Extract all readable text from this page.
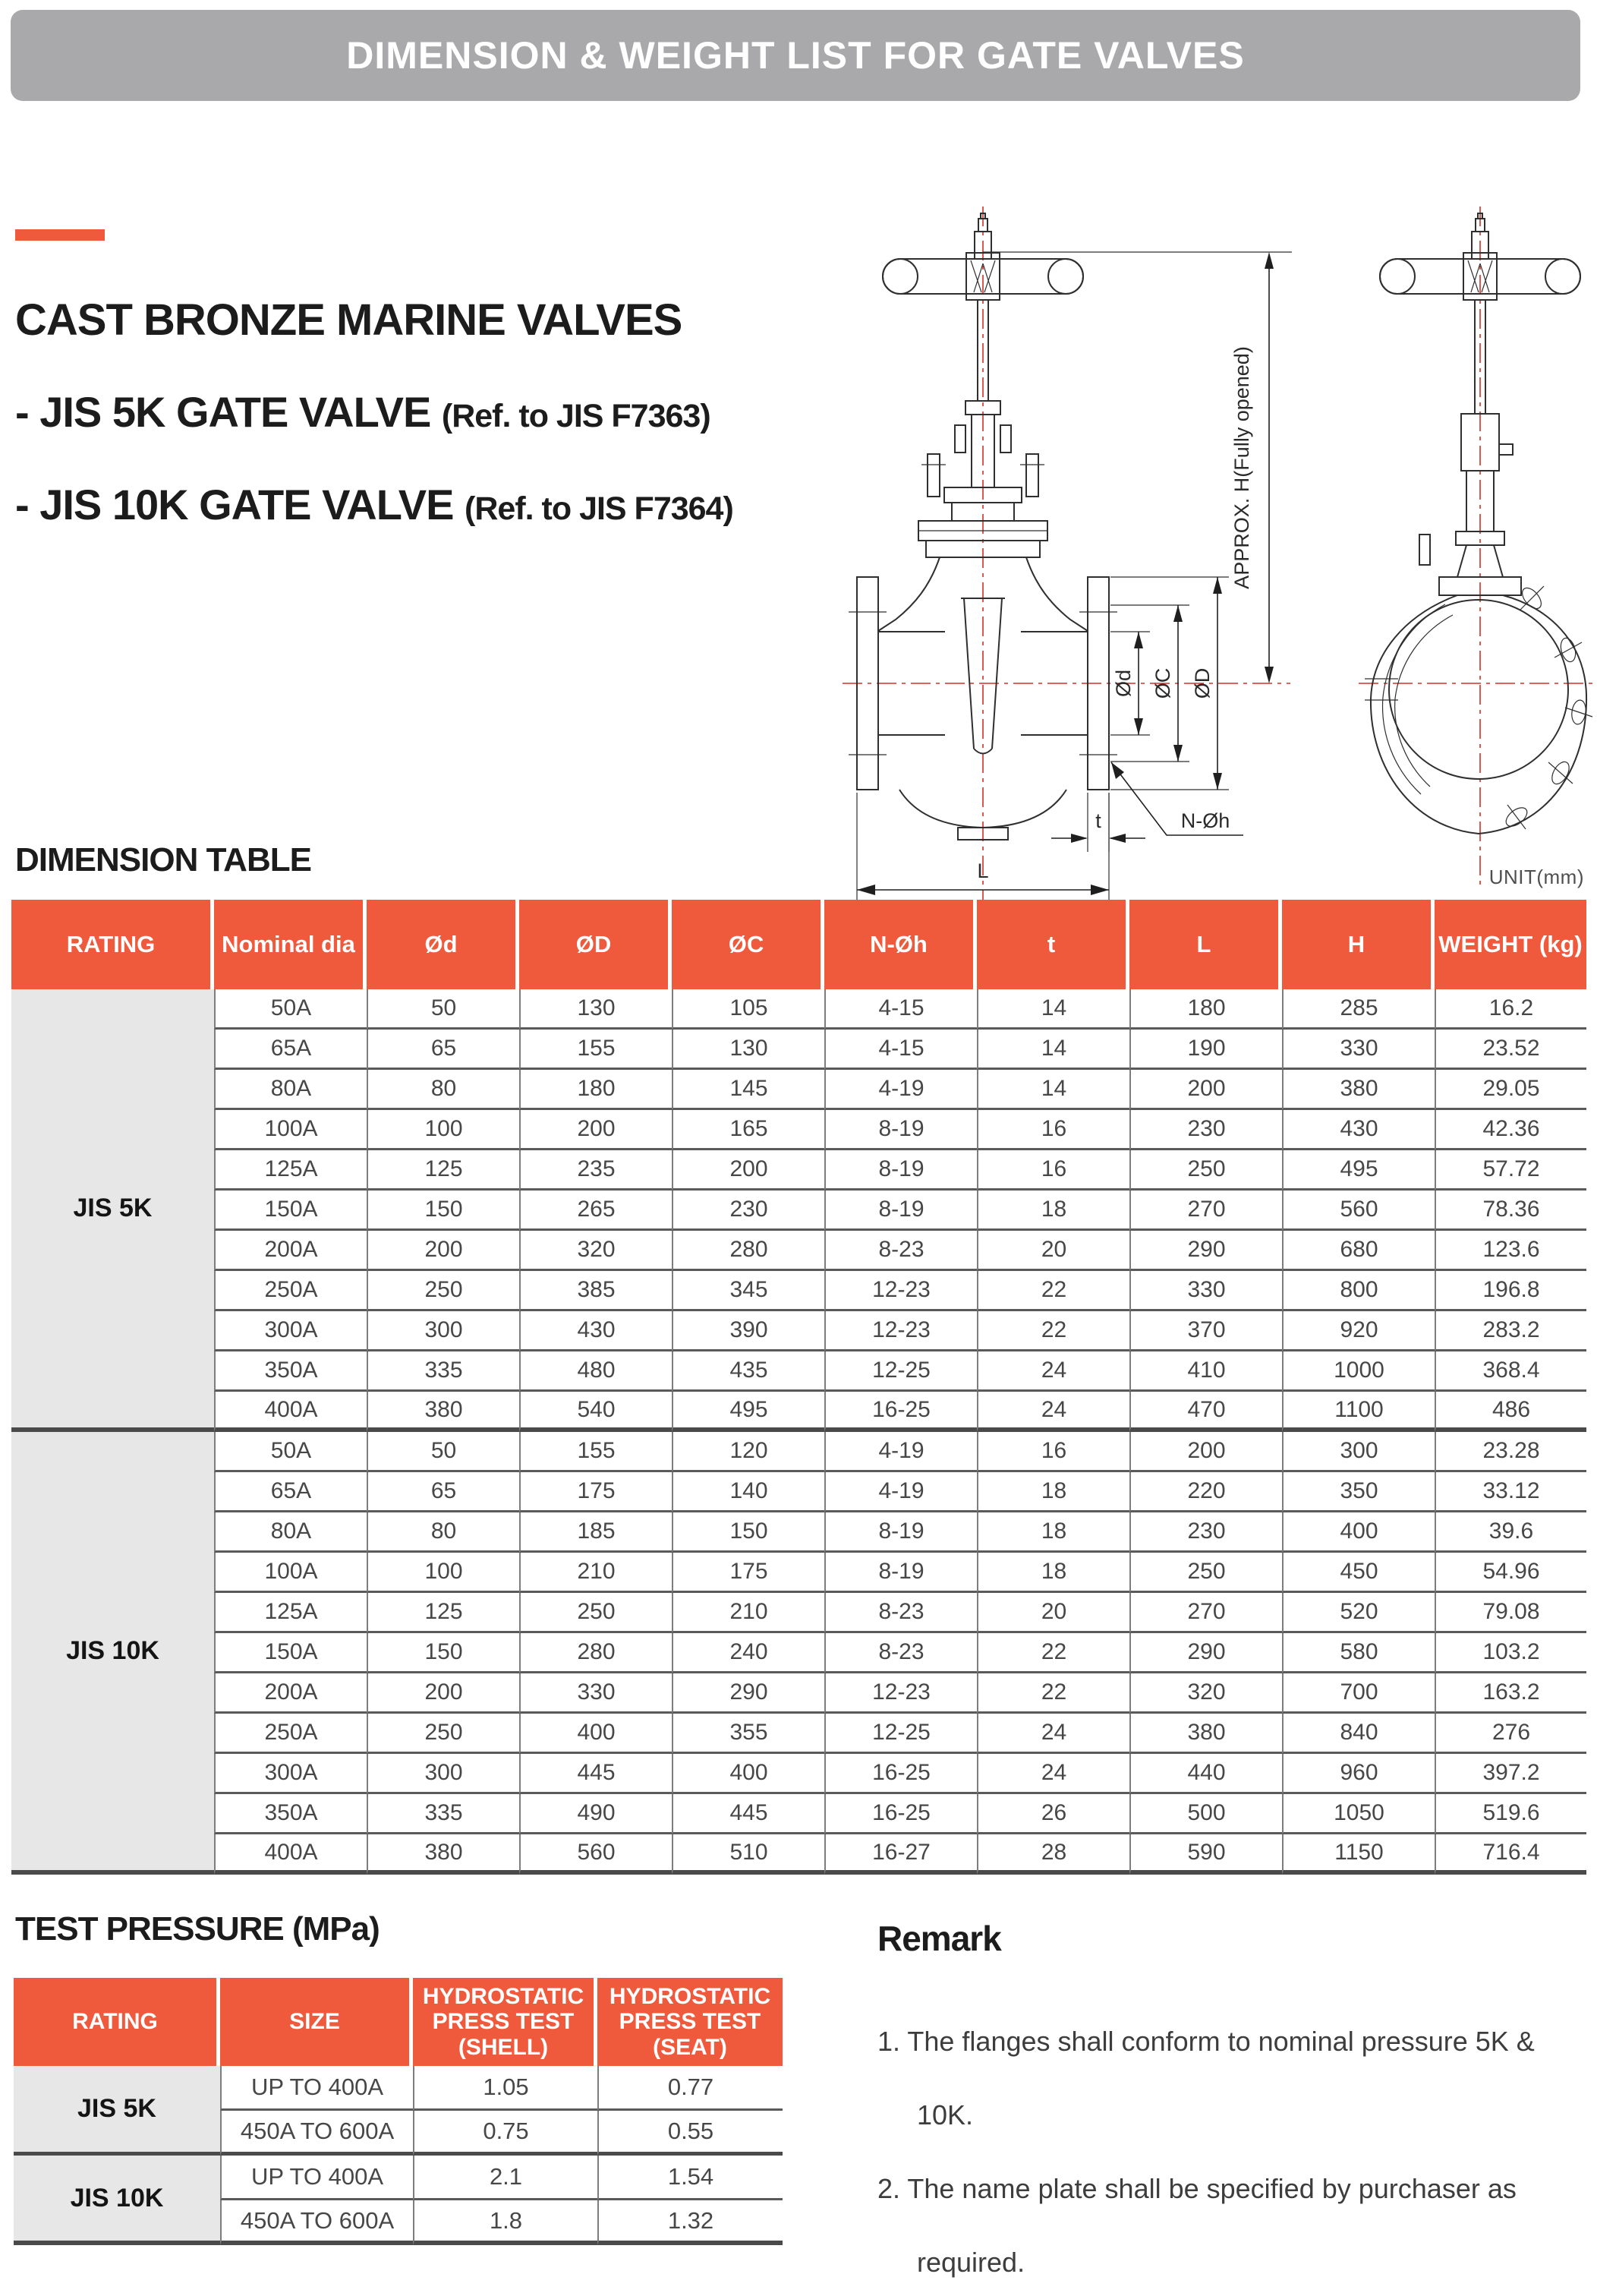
DIMENSION & WEIGHT LIST FOR GATE VALVES
CAST BRONZE MARINE VALVES
- JIS 5K GATE VALVE (Ref. to JIS F7363)
- JIS 10K GATE VALVE (Ref. to JIS F7364)	APPROX. H(Fully opened)
Ød ØC ØD
t
L
N-Øh
DIMENSION TABLE	UNIT(mm)
RATING	Nominal dia	Ød	ØD	ØC	N-Øh	t	L	H	WEIGHT (kg)
JIS 5K	50A	50	130	105	4-15	14	180	285	16.2
	65A	65	155	130	4-15	14	190	330	23.52
	80A	80	180	145	4-19	14	200	380	29.05
	100A	100	200	165	8-19	16	230	430	42.36
	125A	125	235	200	8-19	16	250	495	57.72
	150A	150	265	230	8-19	18	270	560	78.36
	200A	200	320	280	8-23	20	290	680	123.6
	250A	250	385	345	12-23	22	330	800	196.8
	300A	300	430	390	12-23	22	370	920	283.2
	350A	335	480	435	12-25	24	410	1000	368.4
	400A	380	540	495	16-25	24	470	1100	486
JIS 10K	50A	50	155	120	4-19	16	200	300	23.28
	65A	65	175	140	4-19	18	220	350	33.12
	80A	80	185	150	8-19	18	230	400	39.6
	100A	100	210	175	8-19	18	250	450	54.96
	125A	125	250	210	8-23	20	270	520	79.08
	150A	150	280	240	8-23	22	290	580	103.2
	200A	200	330	290	12-23	22	320	700	163.2
	250A	250	400	355	12-25	24	380	840	276
	300A	300	445	400	16-25	24	440	960	397.2
	350A	335	490	445	16-25	26	500	1050	519.6
	400A	380	560	510	16-27	28	590	1150	716.4
TEST PRESSURE (MPa)
RATING	SIZE	HYDROSTATIC PRESS TEST (SHELL)	HYDROSTATIC PRESS TEST (SEAT)
JIS 5K	UP TO 400A	1.05	0.77
	450A TO 600A	0.75	0.55
JIS 10K	UP TO 400A	2.1	1.54
	450A TO 600A	1.8	1.32
Remark
1. The flanges shall conform to nominal pressure 5K & 10K.
2. The name plate shall be specified by purchaser as required.
